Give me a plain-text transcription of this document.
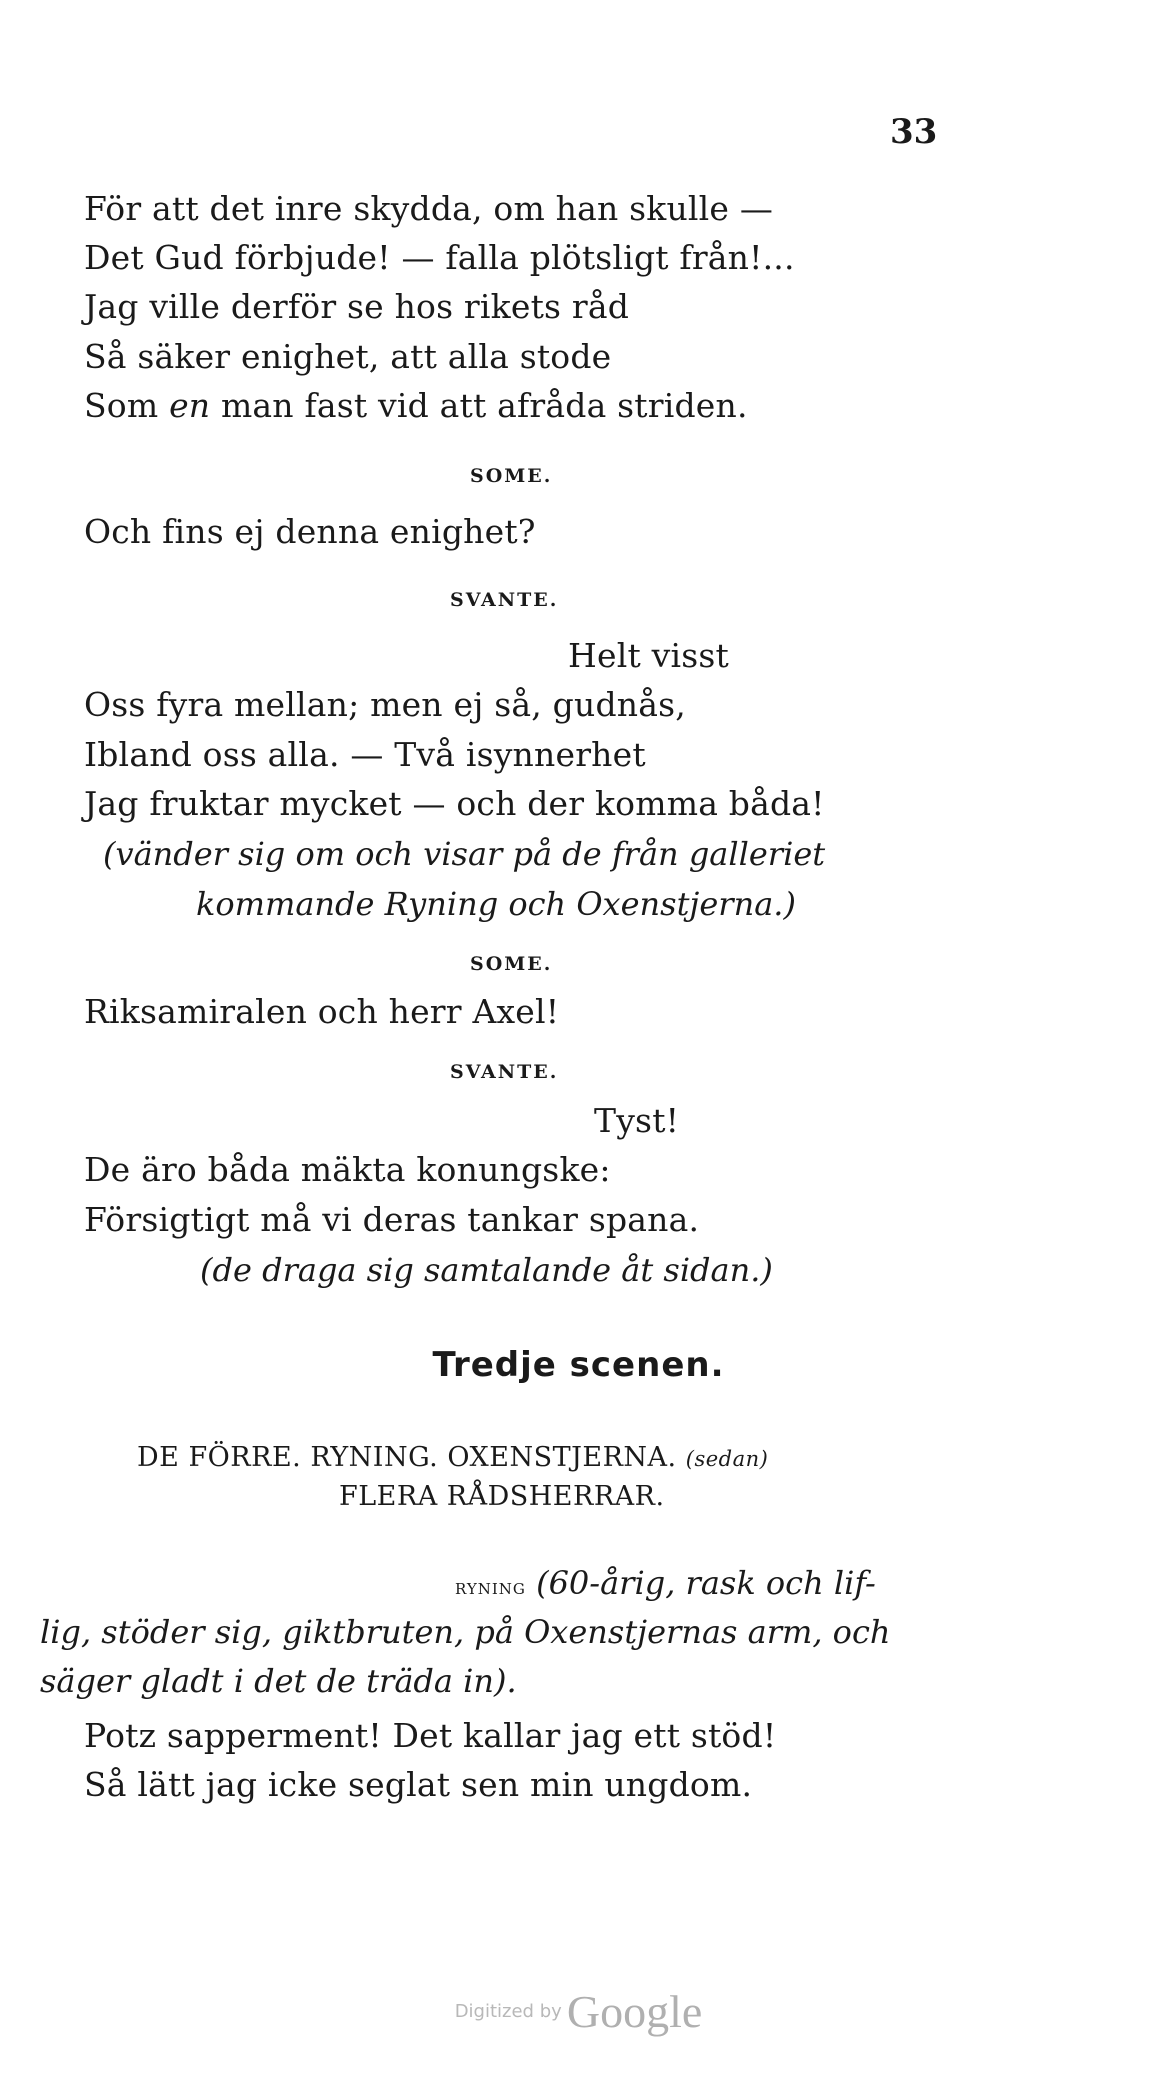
33
För att det inre skydda, om han skulle —
Det Gud förbjude! — falla plötsligt från!...
Jag ville derför se hos rikets råd
Så säker enighet, att alla stode
Som en man fast vid att afråda striden.
SOME.
Och fins ej denna enighet?
SVANTE.
Helt visst
Oss fyra mellan; men ej så, gudnås,
Ibland oss alla. — Två isynnerhet
Jag fruktar mycket — och der komma båda!
(vänder sig om och visar på de från galleriet
kommande Ryning och Oxenstjerna.)
SOME.
Riksamiralen och herr Axel!
SVANTE.
Tyst!
De äro båda mäkta konungske:
Försigtigt må vi deras tankar spana.
(de draga sig samtalande åt sidan.)
Tredje scenen.
DE FÖRRE. RYNING. OXENSTJERNA. (sedan)
FLERA RÅDSHERRAR.
ryning (60-årig, rask och lif-
lig, stöder sig, giktbruten, på Oxenstjernas arm, och
säger gladt i det de träda in).
Potz sapperment! Det kallar jag ett stöd!
Så lätt jag icke seglat sen min ungdom.
Digitized by Google
